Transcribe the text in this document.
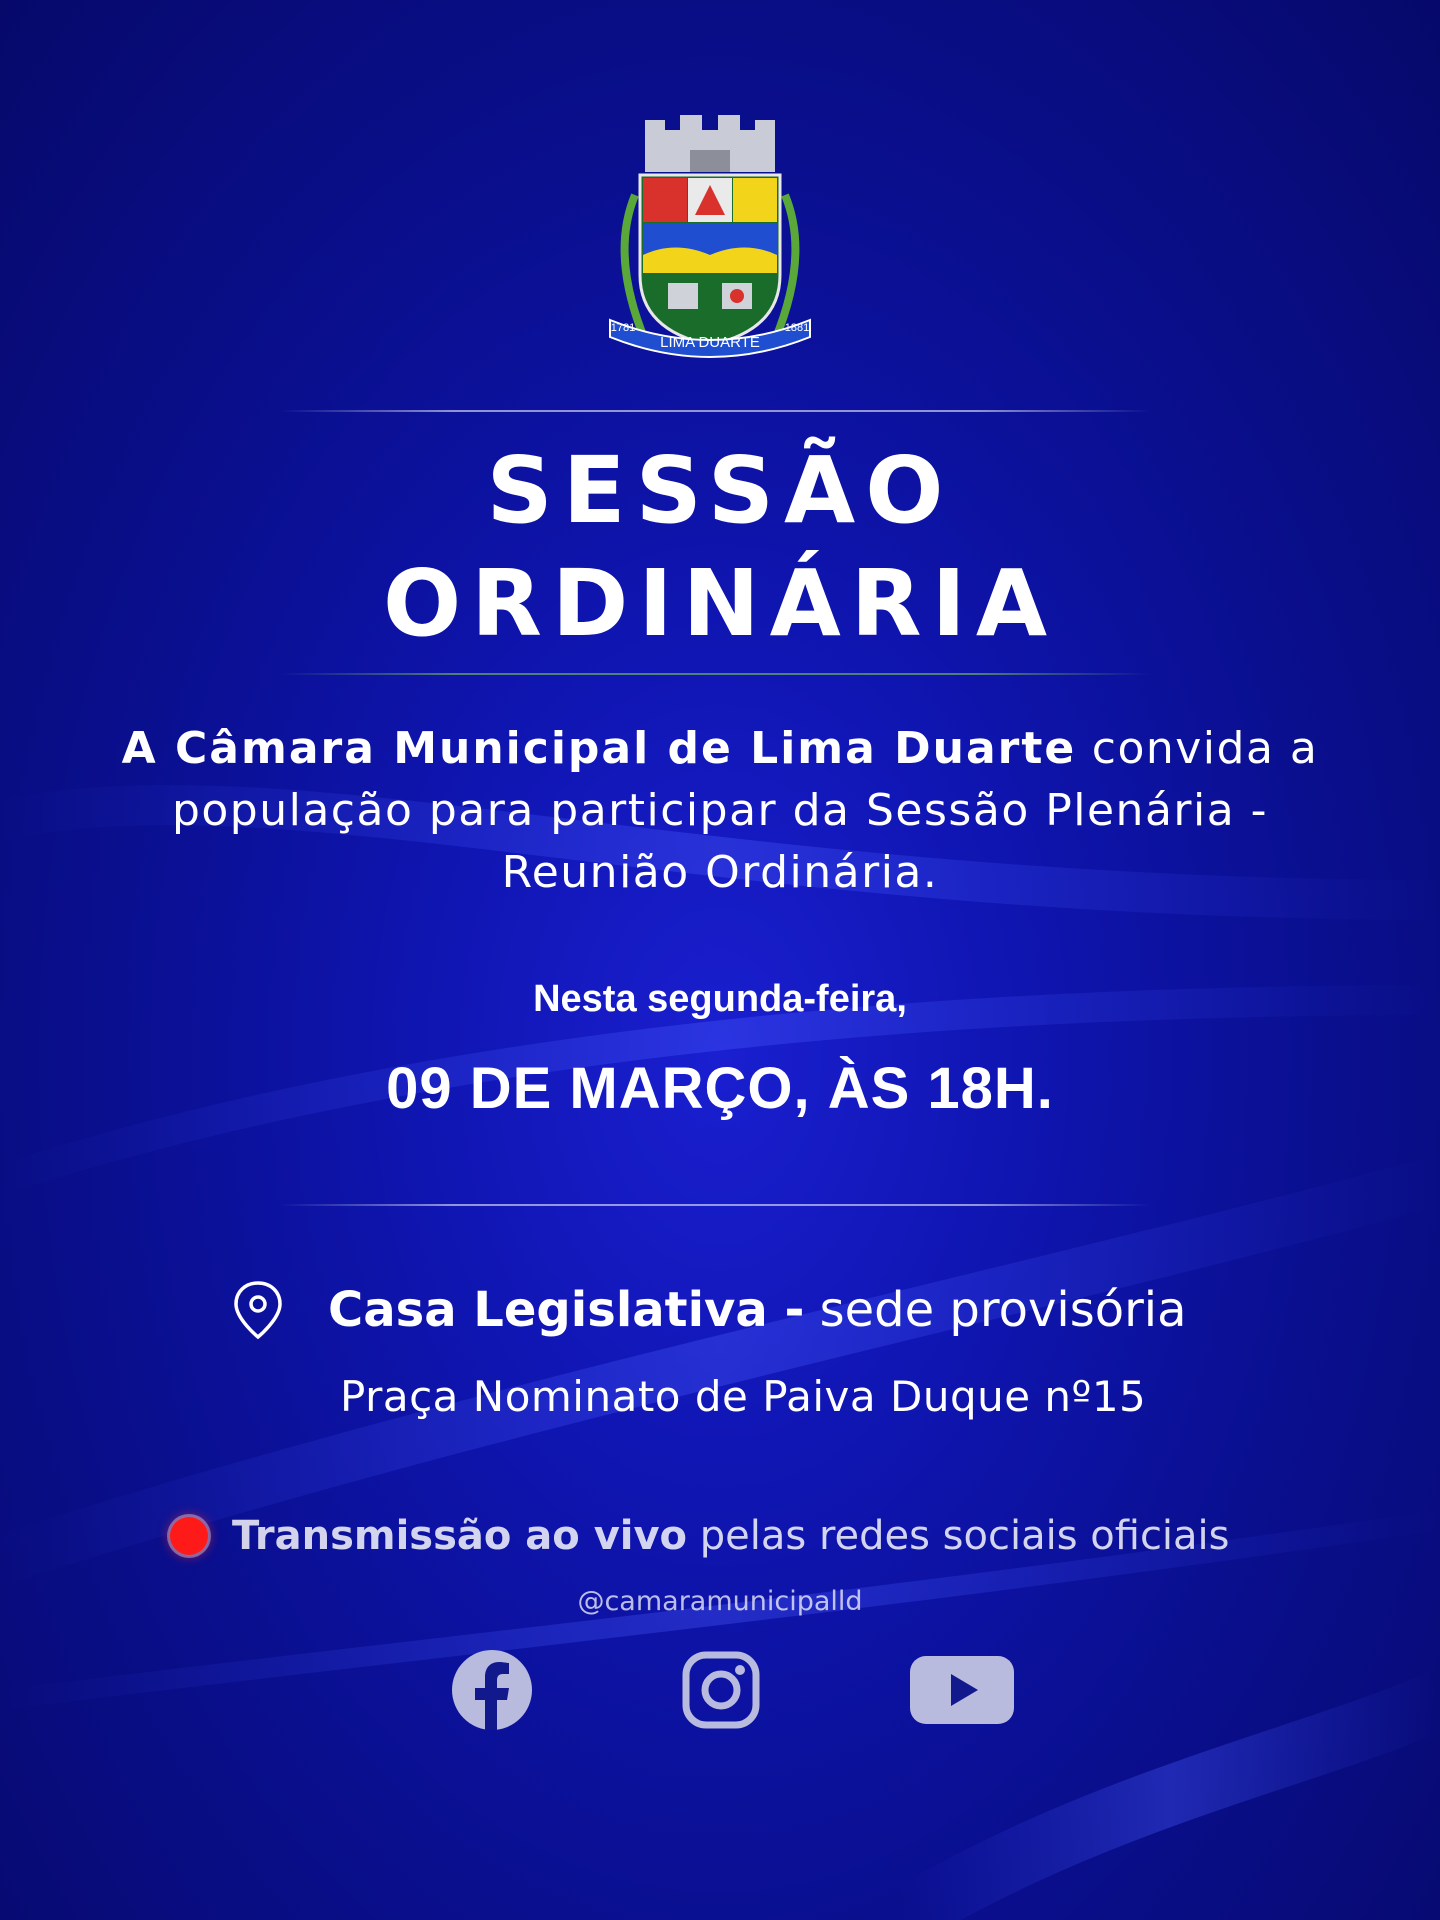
LIMA DUARTE
1781	1881
SESSÃO
ORDINÁRIA
A Câmara Municipal de Lima Duarte convida a
população para participar da Sessão Plenária -
Reunião Ordinária.
Nesta segunda-feira,
09 DE MARÇO, ÀS 18H.
Casa Legislativa - sede provisória
Praça Nominato de Paiva Duque nº15
Transmissão ao vivo pelas redes sociais oficiais
@camaramunicipalld
